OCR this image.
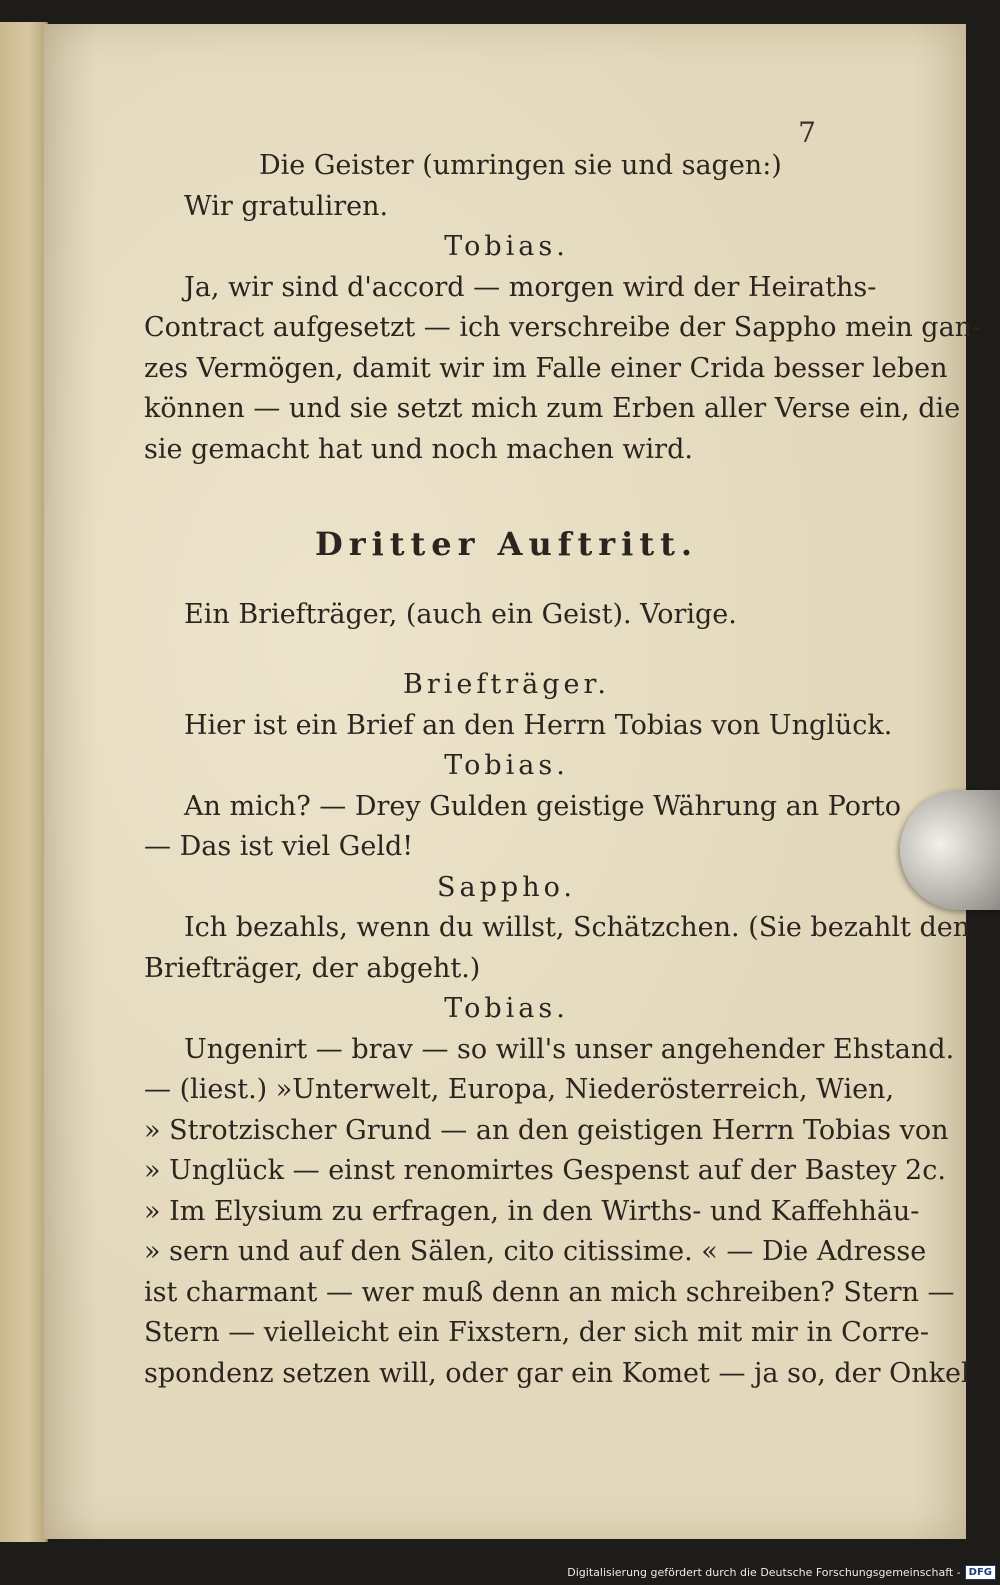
7
Die Geister (umringen sie und sagen:)
Wir gratuliren.
Tobias.
Ja, wir sind d'accord — morgen wird der Heiraths-
Contract aufgesetzt — ich verschreibe der Sappho mein gan-
zes Vermögen, damit wir im Falle einer Crida besser leben
können — und sie setzt mich zum Erben aller Verse ein, die
sie gemacht hat und noch machen wird.
Dritter Auftritt.
Ein Briefträger, (auch ein Geist). Vorige.
Briefträger.
Hier ist ein Brief an den Herrn Tobias von Unglück.
Tobias.
An mich? — Drey Gulden geistige Währung an Porto
— Das ist viel Geld!
Sappho.
Ich bezahls, wenn du willst, Schätzchen. (Sie bezahlt den
Briefträger, der abgeht.)
Tobias.
Ungenirt — brav — so will's unser angehender Ehstand.
— (liest.) »Unterwelt, Europa, Niederösterreich, Wien,
» Strotzischer Grund — an den geistigen Herrn Tobias von
» Unglück — einst renomirtes Gespenst auf der Bastey 2c.
» Im Elysium zu erfragen, in den Wirths- und Kaffehhäu-
» sern und auf den Sälen, cito citissime. « — Die Adresse
ist charmant — wer muß denn an mich schreiben? Stern —
Stern — vielleicht ein Fixstern, der sich mit mir in Corre-
spondenz setzen will, oder gar ein Komet — ja so, der Onkel
Digitalisierung gefördert durch die Deutsche Forschungsgemeinschaft - DFG
